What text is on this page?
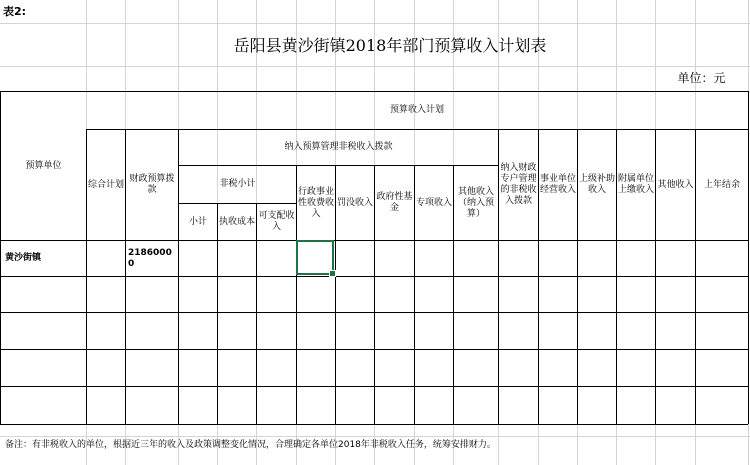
表2:
岳阳县黄沙街镇2018年部门预算收入计划表
单位：元
预算收入计划
预算单位
综合计划
财政预算拨款
纳入预算管理非税收入拨款
非税小计
小计	执收成本
可支配收入
行政事业性收费收入
罚没收入
政府性基金
专项收入
其他收入（纳入预算）
纳入财政专户管理的非税收入拨款
事业单位经营收入
上级补助收入
附属单位上缴收入
其他收入	上年结余
黄沙街镇
21860000
备注：有非税收入的单位，根据近三年的收入及政策调整变化情况，合理确定各单位2018年非税收入任务，统筹安排财力。
